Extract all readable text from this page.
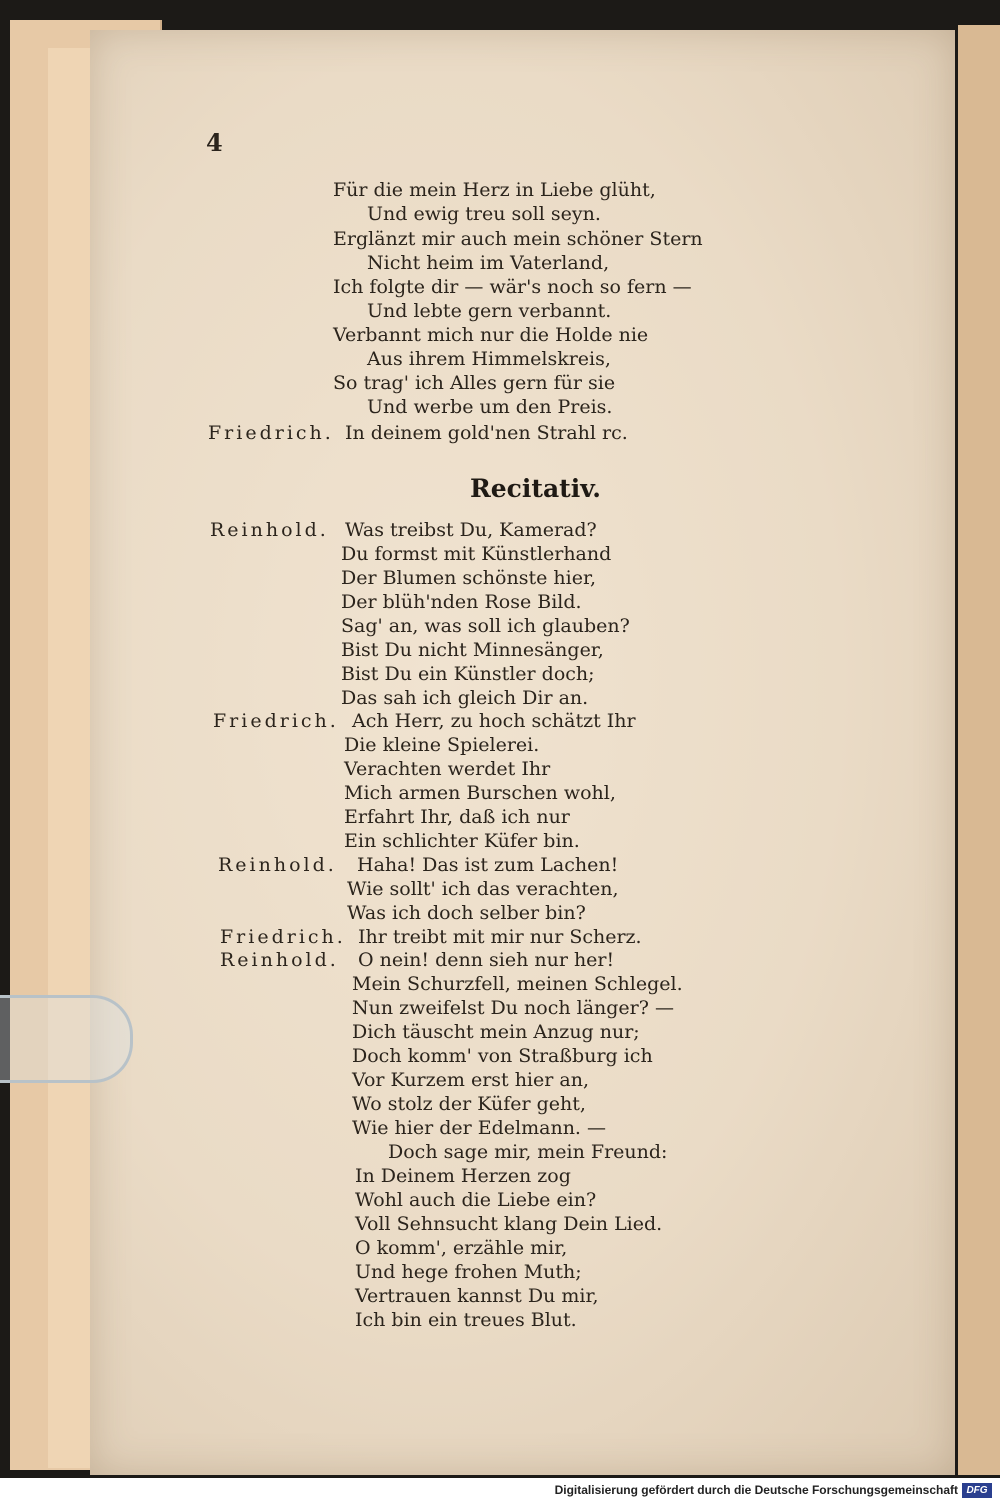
4
Für die mein Herz in Liebe glüht,
Und ewig treu soll seyn.
Erglänzt mir auch mein schöner Stern
Nicht heim im Vaterland,
Ich folgte dir — wär's noch so fern —
Und lebte gern verbannt.
Verbannt mich nur die Holde nie
Aus ihrem Himmelskreis,
So trag' ich Alles gern für sie
Und werbe um den Preis.
Friedrich. In deinem gold'nen Strahl rc.
Recitativ.
Reinhold. Was treibst Du, Kamerad?
Du formst mit Künstlerhand
Der Blumen schönste hier,
Der blüh'nden Rose Bild.
Sag' an, was soll ich glauben?
Bist Du nicht Minnesänger,
Bist Du ein Künstler doch;
Das sah ich gleich Dir an.
Friedrich. Ach Herr, zu hoch schätzt Ihr
Die kleine Spielerei.
Verachten werdet Ihr
Mich armen Burschen wohl,
Erfahrt Ihr, daß ich nur
Ein schlichter Küfer bin.
Reinhold. Haha! Das ist zum Lachen!
Wie sollt' ich das verachten,
Was ich doch selber bin?
Friedrich. Ihr treibt mit mir nur Scherz.
Reinhold. O nein! denn sieh nur her!
Mein Schurzfell, meinen Schlegel.
Nun zweifelst Du noch länger? —
Dich täuscht mein Anzug nur;
Doch komm' von Straßburg ich
Vor Kurzem erst hier an,
Wo stolz der Küfer geht,
Wie hier der Edelmann. —
Doch sage mir, mein Freund:
In Deinem Herzen zog
Wohl auch die Liebe ein?
Voll Sehnsucht klang Dein Lied.
O komm', erzähle mir,
Und hege frohen Muth;
Vertrauen kannst Du mir,
Ich bin ein treues Blut.
Digitalisierung gefördert durch die Deutsche Forschungsgemeinschaft DFG
